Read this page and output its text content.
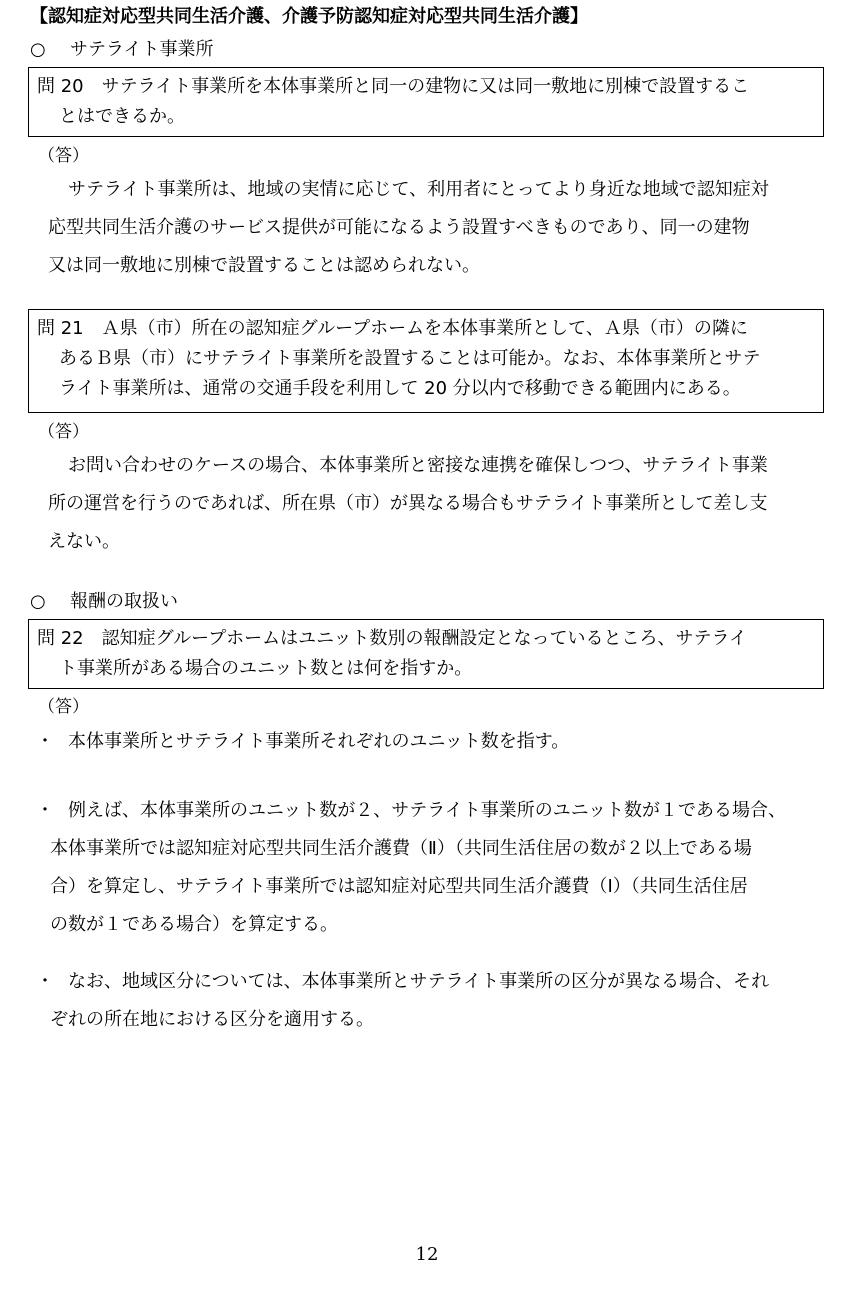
【認知症対応型共同生活介護、介護予防認知症対応型共同生活介護】
○ サテライト事業所
問 20　サテライト事業所を本体事業所と同一の建物に又は同一敷地に別棟で設置するこ
とはできるか。
（答）
サテライト事業所は、地域の実情に応じて、利用者にとってより身近な地域で認知症対
応型共同生活介護のサービス提供が可能になるよう設置すべきものであり、同一の建物
又は同一敷地に別棟で設置することは認められない。
問 21　Ａ県（市）所在の認知症グループホームを本体事業所として、Ａ県（市）の隣に
あるＢ県（市）にサテライト事業所を設置することは可能か。なお、本体事業所とサテ
ライト事業所は、通常の交通手段を利用して 20 分以内で移動できる範囲内にある。
（答）
お問い合わせのケースの場合、本体事業所と密接な連携を確保しつつ、サテライト事業
所の運営を行うのであれば、所在県（市）が異なる場合もサテライト事業所として差し支
えない。
○ 報酬の取扱い
問 22　認知症グループホームはユニット数別の報酬設定となっているところ、サテライ
ト事業所がある場合のユニット数とは何を指すか。
（答）
・ 本体事業所とサテライト事業所それぞれのユニット数を指す。
・ 例えば、本体事業所のユニット数が２、サテライト事業所のユニット数が１である場合、
本体事業所では認知症対応型共同生活介護費（Ⅱ）（共同生活住居の数が２以上である場
合）を算定し、サテライト事業所では認知症対応型共同生活介護費（Ⅰ）（共同生活住居
の数が１である場合）を算定する。
・ なお、地域区分については、本体事業所とサテライト事業所の区分が異なる場合、それ
ぞれの所在地における区分を適用する。
12
